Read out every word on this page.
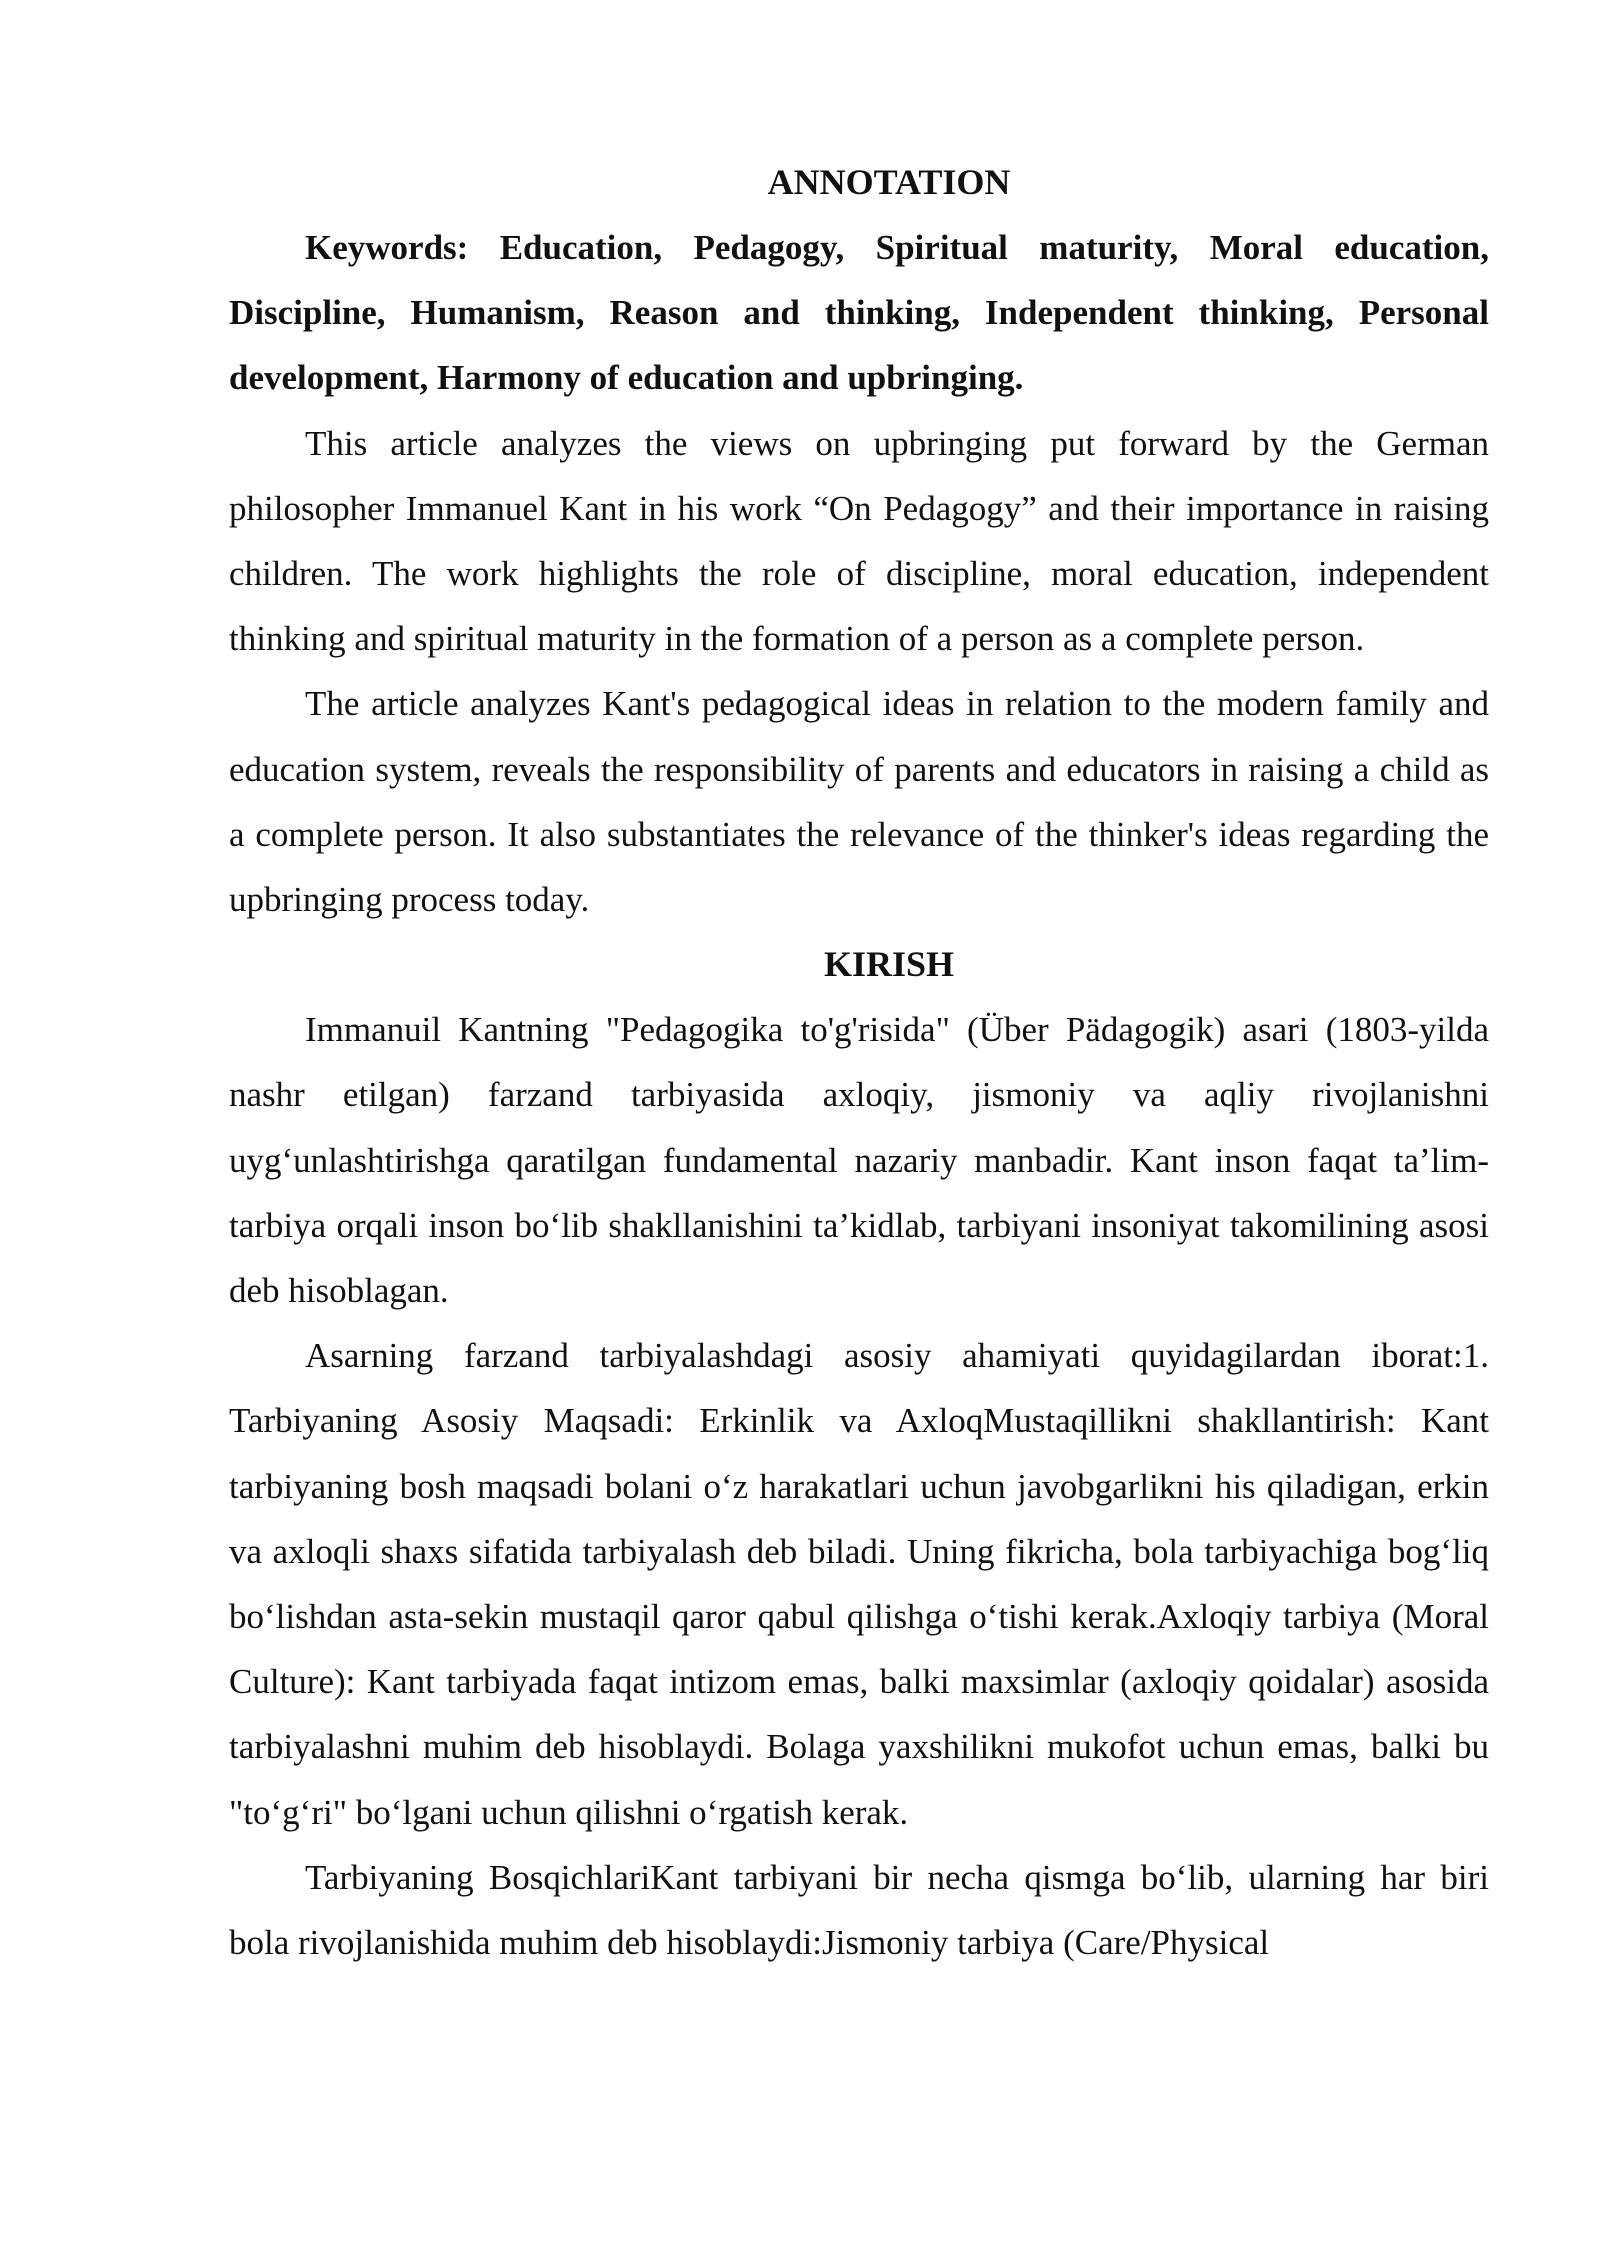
ANNOTATION

Keywords: Education, Pedagogy, Spiritual maturity, Moral education, Discipline, Humanism, Reason and thinking, Independent thinking, Personal development, Harmony of education and upbringing.

This article analyzes the views on upbringing put forward by the German philosopher Immanuel Kant in his work “On Pedagogy” and their importance in raising children. The work highlights the role of discipline, moral education, independent thinking and spiritual maturity in the formation of a person as a complete person.

The article analyzes Kant's pedagogical ideas in relation to the modern family and education system, reveals the responsibility of parents and educators in raising a child as a complete person. It also substantiates the relevance of the thinker's ideas regarding the upbringing process today.

KIRISH

Immanuil Kantning "Pedagogika to'g'risida" (Über Pädagogik) asari (1803-yilda nashr etilgan) farzand tarbiyasida axloqiy, jismoniy va aqliy rivojlanishni uyg‘unlashtirishga qaratilgan fundamental nazariy manbadir. Kant inson faqat ta’lim-tarbiya orqali inson bo‘lib shakllanishini ta’kidlab, tarbiyani insoniyat takomilining asosi deb hisoblagan.

Asarning farzand tarbiyalashdagi asosiy ahamiyati quyidagilardan iborat:1. Tarbiyaning Asosiy Maqsadi: Erkinlik va AxloqMustaqillikni shakllantirish: Kant tarbiyaning bosh maqsadi bolani o‘z harakatlari uchun javobgarlikni his qiladigan, erkin va axloqli shaxs sifatida tarbiyalash deb biladi. Uning fikricha, bola tarbiyachiga bog‘liq bo‘lishdan asta-sekin mustaqil qaror qabul qilishga o‘tishi kerak.Axloqiy tarbiya (Moral Culture): Kant tarbiyada faqat intizom emas, balki maxsimlar (axloqiy qoidalar) asosida tarbiyalashni muhim deb hisoblaydi. Bolaga yaxshilikni mukofot uchun emas, balki bu "to‘g‘ri" bo‘lgani uchun qilishni o‘rgatish kerak.

Tarbiyaning BosqichlariKant tarbiyani bir necha qismga bo‘lib, ularning har biri bola rivojlanishida muhim deb hisoblaydi:Jismoniy tarbiya (Care/Physical
